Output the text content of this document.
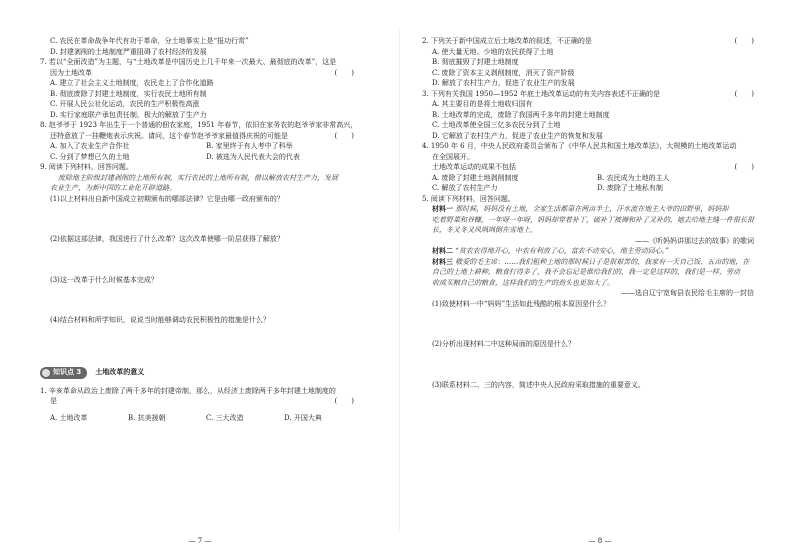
C. 农民在革命战争年代有功于革命，分土地事实上是“报功行赏”
D. 封建剥削的土地制度严重阻碍了农村经济的发展
7. 若以“全面改造”为主题，与“土地改革是中国历史上几千年来一次最大、最彻底的改革”，这是
因为土地改革	(　　)
A. 建立了社会主义土地制度，农民走上了合作化道路
B. 彻底废除了封建土地制度，实行农民土地所有制
C. 开展人民公社化运动，农民的生产积极性高涨
D. 实行家庭联产承包责任制，极大的解放了生产力
8. 赵爷爷于 1923 年出生于一个普通的佃农家庭，1951 年春节，依旧在家务农的赵爷爷家非常高兴，
还特意放了一挂鞭炮表示庆祝。请问，这个春节赵爷爷家最值得庆祝的可能是	(　　)
A. 加入了农业生产合作社	B. 家里终于有人考中了科举
C. 分到了梦想已久的土地	D. 被选为人民代表大会的代表
9. 阅读下列材料，回答问题。
废除地主阶级封建剥削的土地所有制，实行农民的土地所有制，借以解放农村生产力，发展
农业生产，为新中国的工业化开辟道路。
(1)以上材料出自新中国成立初期颁布的哪部法律？它是由哪一政府颁布的？
(2)依据这部法律，我国进行了什么改革？这次改革使哪一阶层获得了解放？
(3)这一改革于什么时候基本完成？
(4)结合材料和所学知识，说说当时能够调动农民积极性的措施是什么？
知识点 3 土地改革的意义
1. 辛亥革命从政治上废除了两千多年的封建帝制，那么，从经济上废除两千多年封建土地制度的
是	(　　)
A. 土地改革	B. 抗美援朝	C. 三大改造	D. 开国大典
— 7 —
2. 下列关于新中国成立后土地改革的叙述，不正确的是	(　　)
A. 使大量无地、少地的农民获得了土地
B. 彻底摧毁了封建土地制度
C. 废除了资本主义剥削制度，消灭了资产阶级
D. 解放了农村生产力，促进了农业生产的发展
3. 下列有关我国 1950—1952 年底土地改革运动的有关内容表述不正确的是	(　　)
A. 其主要目的是将土地收归国有
B. 土地改革的完成，废除了我国两千多年的封建土地制度
C. 土地改革使全国三亿多农民分到了土地
D. 它解放了农村生产力，促进了农业生产的恢复和发展
4. 1950 年 6 月，中央人民政府委员会颁布了《中华人民共和国土地改革法》，大规模的土地改革运动
在全国展开。
土地改革运动的成果不包括	(　　)
A. 废除了封建土地剥削制度	B. 农民成为土地的主人
C. 解放了农村生产力	D. 废除了土地私有制
5. 阅读下列材料，回答问题。
材料一 那时候，妈妈没有土地，全家生活都靠在两亩半土，汗水流在地主大爷的田野里，妈妈却
吃着野菜和谷糠，一年呀一年呀，妈妈却穿着补丁，破补丁被褥和补了又补的，她去给地主缝一件很长很
长，冬又冬又风飒飒倒在雪地上。
——《听妈妈讲那过去的故事》的歌词
材料二 “贫农农得地开心，中农有利放了心，富农不动安心，地主劳动回心。”
材料三 敬爱的毛主席：……我们租种土地的那时候日子是很艰苦的，我家有一天自己饭、五亩的地，在
自己的土地上耕种，粮食打得多了，我不会忘记是谁给我们的，我一定是这样的，我们是一样，劳动
收成买粮自己的粮食，这样我们的生产的劲头也更加大了。
——选自辽宁宽甸县农民给毛主席的一封信
(1)致使材料一中“妈妈”生活如此残酷的根本原因是什么？
(2)分析出现材料二中这种局面的原因是什么？
(3)联系材料二、三的内容，简述中央人民政府采取措施的重要意义。
— 8 —
